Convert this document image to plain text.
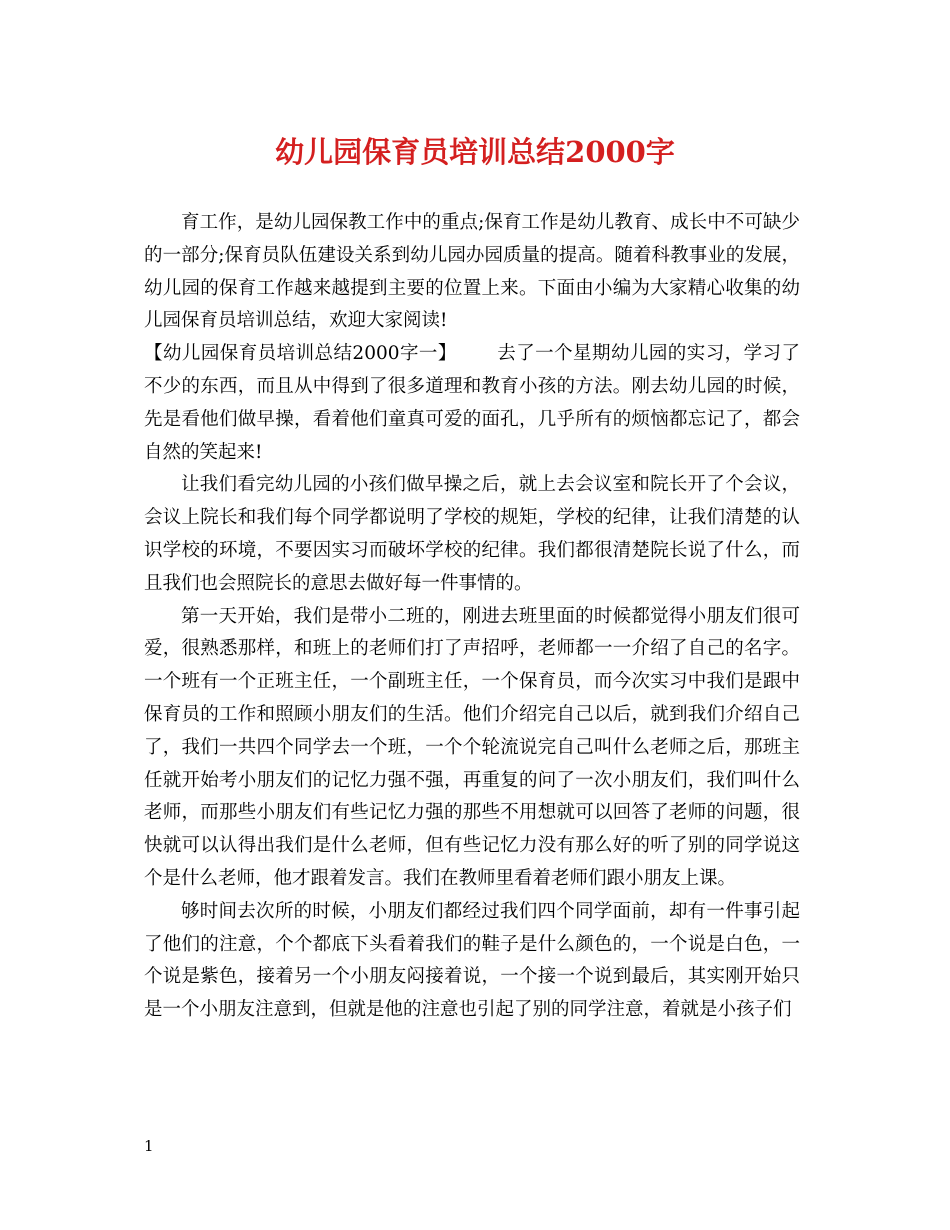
幼儿园保育员培训总结2000字

育工作，是幼儿园保教工作中的重点;保育工作是幼儿教育、成长中不可缺少的一部分;保育员队伍建设关系到幼儿园办园质量的提高。随着科教事业的发展，幼儿园的保育工作越来越提到主要的位置上来。下面由小编为大家精心收集的幼儿园保育员培训总结，欢迎大家阅读!

【幼儿园保育员培训总结2000字一】 去了一个星期幼儿园的实习，学习了不少的东西，而且从中得到了很多道理和教育小孩的方法。刚去幼儿园的时候，先是看他们做早操，看着他们童真可爱的面孔，几乎所有的烦恼都忘记了，都会自然的笑起来!

让我们看完幼儿园的小孩们做早操之后，就上去会议室和院长开了个会议，会议上院长和我们每个同学都说明了学校的规矩，学校的纪律，让我们清楚的认识学校的环境，不要因实习而破坏学校的纪律。我们都很清楚院长说了什么，而且我们也会照院长的意思去做好每一件事情的。

第一天开始，我们是带小二班的，刚进去班里面的时候都觉得小朋友们很可爱，很熟悉那样，和班上的老师们打了声招呼，老师都一一介绍了自己的名字。一个班有一个正班主任，一个副班主任，一个保育员，而今次实习中我们是跟中保育员的工作和照顾小朋友们的生活。他们介绍完自己以后，就到我们介绍自己了，我们一共四个同学去一个班，一个个轮流说完自己叫什么老师之后，那班主任就开始考小朋友们的记忆力强不强，再重复的问了一次小朋友们，我们叫什么老师，而那些小朋友们有些记忆力强的那些不用想就可以回答了老师的问题，很快就可以认得出我们是什么老师，但有些记忆力没有那么好的听了别的同学说这个是什么老师，他才跟着发言。我们在教师里看着老师们跟小朋友上课。

够时间去次所的时候，小朋友们都经过我们四个同学面前，却有一件事引起了他们的注意，个个都底下头看着我们的鞋子是什么颜色的，一个说是白色，一个说是紫色，接着另一个小朋友闷接着说，一个接一个说到最后，其实刚开始只是一个小朋友注意到，但就是他的注意也引起了别的同学注意，着就是小孩子们

1
